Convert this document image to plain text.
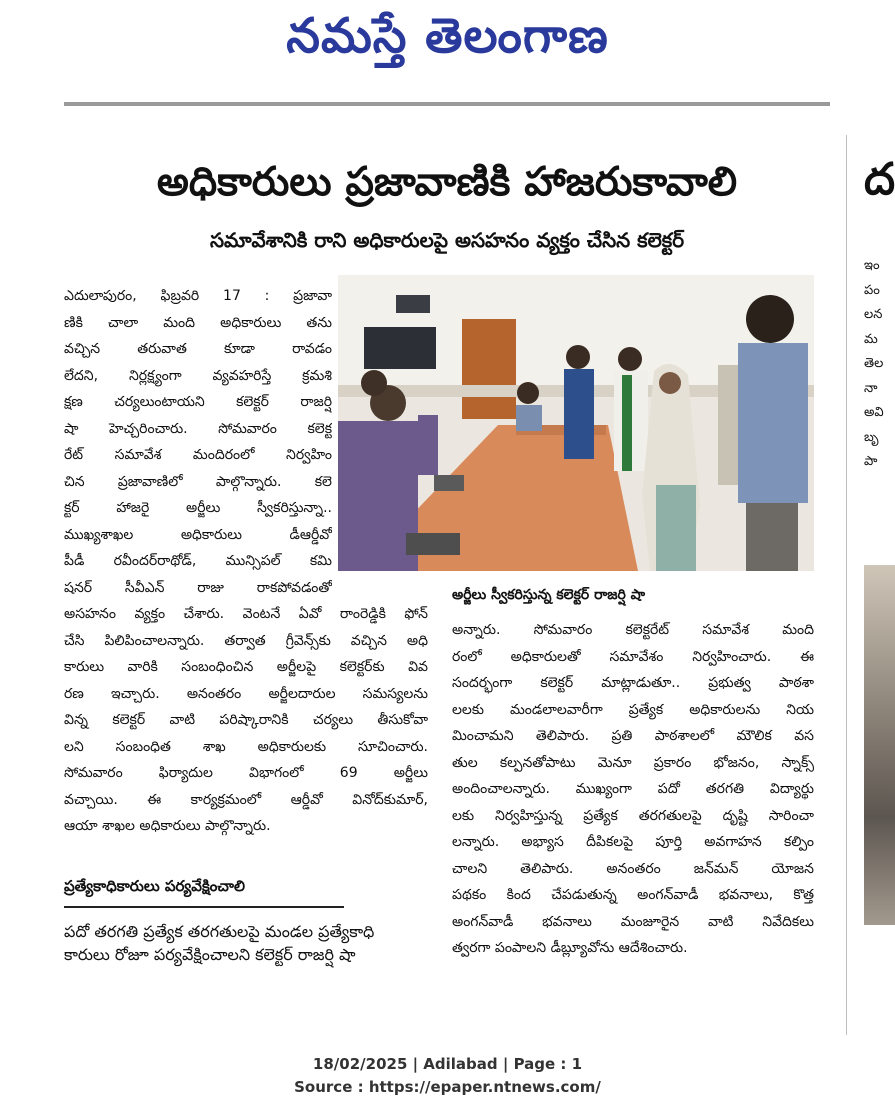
నమస్తే తెలంగాణ
ద
ఇం
పం
లన
మ
తెల
నా
అవి
బృ
పా
అధికారులు ప్రజావాణికి హాజరుకావాలి
సమావేశానికి రాని అధికారులపై అసహనం వ్యక్తం చేసిన కలెక్టర్
ఎదులాపురం, ఫిబ్రవరి 17 : ప్రజావా
ణికి చాలా మంది అధికారులు తను
వచ్చిన తరువాత కూడా రావడం
లేదని, నిర్లక్ష్యంగా వ్యవహరిస్తే క్రమశి
క్షణ చర్యలుంటాయని కలెక్టర్ రాజర్షి
షా హెచ్చరించారు. సోమవారం కలెక్ట
రేట్ సమావేశ మందిరంలో నిర్వహిం
చిన ప్రజావాణిలో పాల్గొన్నారు. కలె
క్టర్ హాజరై అర్జీలు స్వీకరిస్తున్నా..
ముఖ్యశాఖల అధికారులు డీఆర్డీవో
పీడీ రవీందర్‌రాథోడ్, మున్సిపల్ కమి
షనర్ సీవీఎన్ రాజు రాకపోవడంతో
అసహనం వ్యక్తం చేశారు. వెంటనే ఏవో రాంరెడ్డికి ఫోన్
చేసి పిలిపించాలన్నారు. తర్వాత గ్రీవెన్స్‌కు వచ్చిన అధి
కారులు వారికి సంబంధించిన అర్జీలపై కలెక్టర్‌కు వివ
రణ ఇచ్చారు. అనంతరం అర్జీలదారుల సమస్యలను
విన్న కలెక్టర్ వాటి పరిష్కారానికి చర్యలు తీసుకోవా
లని సంబంధిత శాఖ అధికారులకు సూచించారు.
సోమవారం ఫిర్యాదుల విభాగంలో 69 అర్జీలు
వచ్చాయి. ఈ కార్యక్రమంలో ఆర్డీవో వినోద్‌కుమార్,
ఆయా శాఖల అధికారులు పాల్గొన్నారు.
అర్జీలు స్వీకరిస్తున్న కలెక్టర్ రాజర్షి షా
అన్నారు. సోమవారం కలెక్టరేట్ సమావేశ మంది
రంలో అధికారులతో సమావేశం నిర్వహించారు. ఈ
సందర్భంగా కలెక్టర్ మాట్లాడుతూ.. ప్రభుత్వ పాఠశా
లలకు మండలాలవారీగా ప్రత్యేక అధికారులను నియ
మించామని తెలిపారు. ప్రతి పాఠశాలలో మౌలిక వస
తుల కల్పనతోపాటు మెనూ ప్రకారం భోజనం, స్నాక్స్
అందించాలన్నారు. ముఖ్యంగా పదో తరగతి విద్యార్థు
లకు నిర్వహిస్తున్న ప్రత్యేక తరగతులపై దృష్టి సారించా
లన్నారు. అభ్యాస దీపికలపై పూర్తి అవగాహన కల్పిం
చాలని తెలిపారు. అనంతరం జన్‌మన్ యోజన
పథకం కింద చేపడుతున్న అంగన్‌వాడీ భవనాలు, కొత్త
అంగన్‌వాడీ భవనాలు మంజూరైన వాటి నివేదికలు
త్వరగా పంపాలని డీబ్ల్యూవోను ఆదేశించారు.
ప్రత్యేకాధికారులు పర్యవేక్షించాలి
పదో తరగతి ప్రత్యేక తరగతులపై మండల ప్రత్యేకాధి
కారులు రోజూ పర్యవేక్షించాలని కలెక్టర్ రాజర్షి షా
18/02/2025 | Adilabad | Page : 1
Source : https://epaper.ntnews.com/
